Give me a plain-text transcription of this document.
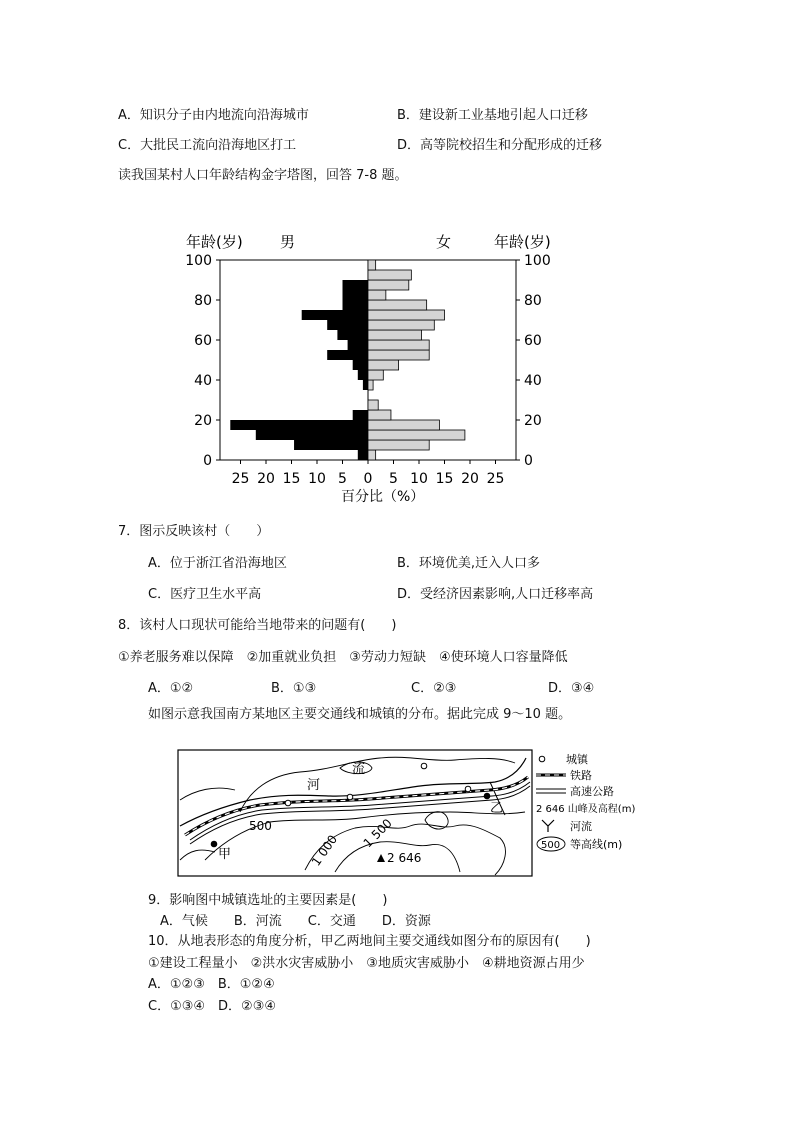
A．知识分子由内地流向沿海城市	B．建设新工业基地引起人口迁移
C．大批民工流向沿海地区打工	D．高等院校招生和分配形成的迁移
读我国某村人口年龄结构金字塔图，回答 7-8 题。
0	0
20	20
40	40
60	60
80	80
100	100
25 20 15 10 5 0 5 10 15 20 25
年龄(岁) 男	女	年龄(岁)
百分比（%）
7．图示反映该村（　　）
A．位于浙江省沿海地区	B．环境优美,迁入人口多
C．医疗卫生水平高	D．受经济因素影响,人口迁移率高
8．该村人口现状可能给当地带来的问题有(　　)
①养老服务难以保障　②加重就业负担　③劳动力短缺　④使环境人口容量降低
A．①②	B．①③	C．②③	D．③④
如图示意我国南方某地区主要交通线和城镇的分布。据此完成 9～10 题。
河
流
500
1 000 1 500
2 646
甲
乙
城镇
铁路
高速公路
2 646 山峰及高程(m)
河流
500 等高线(m)
9．影响图中城镇选址的主要因素是(　　)
A．气候　　B．河流　　C．交通　　D．资源
10．从地表形态的角度分析，甲乙两地间主要交通线如图分布的原因有(　　)
①建设工程量小　②洪水灾害威胁小　③地质灾害威胁小　④耕地资源占用少
A．①②③　B．①②④
C．①③④　D．②③④
